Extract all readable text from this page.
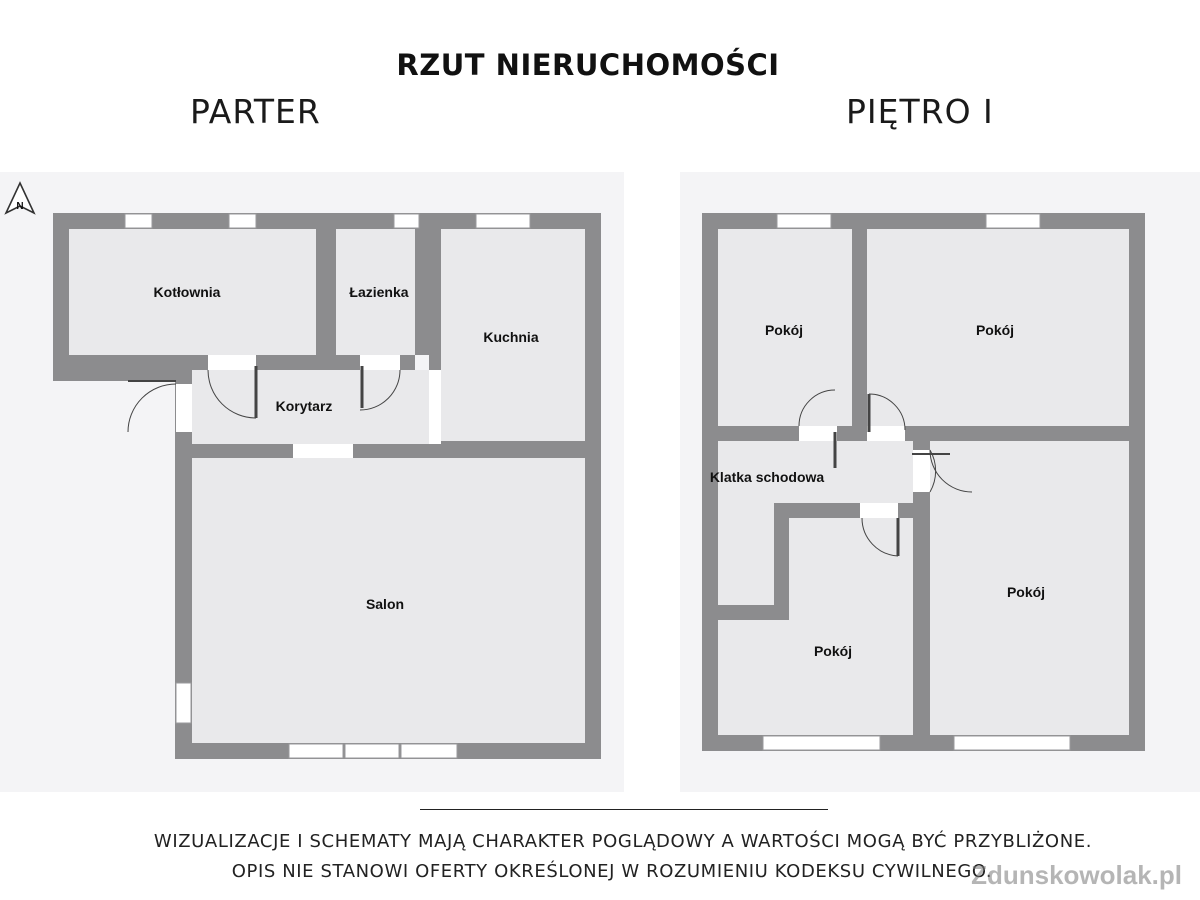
RZUT NIERUCHOMOŚCI
PARTER	PIĘTRO I
N
Kotłownia	Łazienka
Kuchnia
Korytarz
Salon
Pokój	Pokój
Klatka schodowa
Pokój
Pokój
WIZUALIZACJE I SCHEMATY MAJĄ CHARAKTER POGLĄDOWY A WARTOŚCI MOGĄ BYĆ PRZYBLIŻONE.
OPIS NIE STANOWI OFERTY OKREŚLONEJ W ROZUMIENIU KODEKSU CYWILNEGO.
Zdunskowolak.pl
